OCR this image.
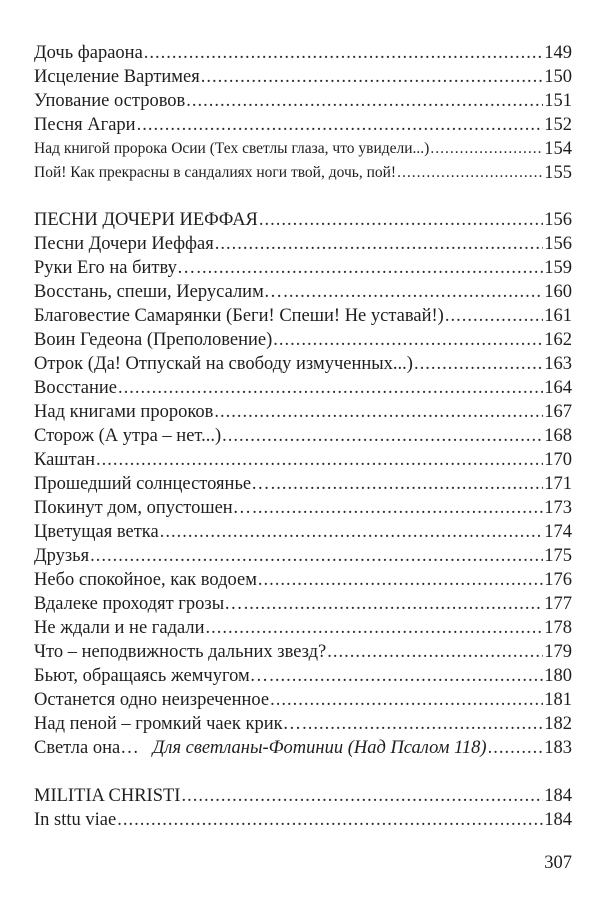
Дочь фараона .....	149
Исцеление Вартимея .....	150
Упование островов .....	151
Песня Агари .....	152
Над книгой пророка Осии (Тех светлы глаза, что увидели...) .....	154
Пой! Как прекрасны в сандалиях ноги твой, дочь, пой! .....	155
ПЕСНИ ДОЧЕРИ ИЕФФАЯ .....	156
Песни Дочери Иеффая .....	156
Руки Его на битву… .....	159
Восстань, спеши, Иерусалим… .....	160
Благовестие Самарянки (Беги! Спеши! Не уставай!) .....	161
Воин Гедеона (Преполовение) .....	162
Отрок (Да! Отпускай на свободу измученных...) .....	163
Восстание .....	164
Над книгами пророков .....	167
Сторож (А утра – нет...) .....	168
Каштан .....	170
Прошедший солнцестоянье… .....	171
Покинут дом, опустошен… .....	173
Цветущая ветка .....	174
Друзья .....	175
Небо спокойное, как водоем .....	176
Вдалеке проходят грозы… .....	177
Не ждали и не гадали .....	178
Что – неподвижность дальних звезд? .....	179
Бьют, обращаясь жемчугом… .....	180
Останется одно неизреченное .....	181
Над пеной – громкий чаек крик… .....	182
Светла она… Для светланы-Фотинии (Над Псалом 118) .....	183
MILITIA CHRISTI .....	184
In sttu viae .....	184
307
